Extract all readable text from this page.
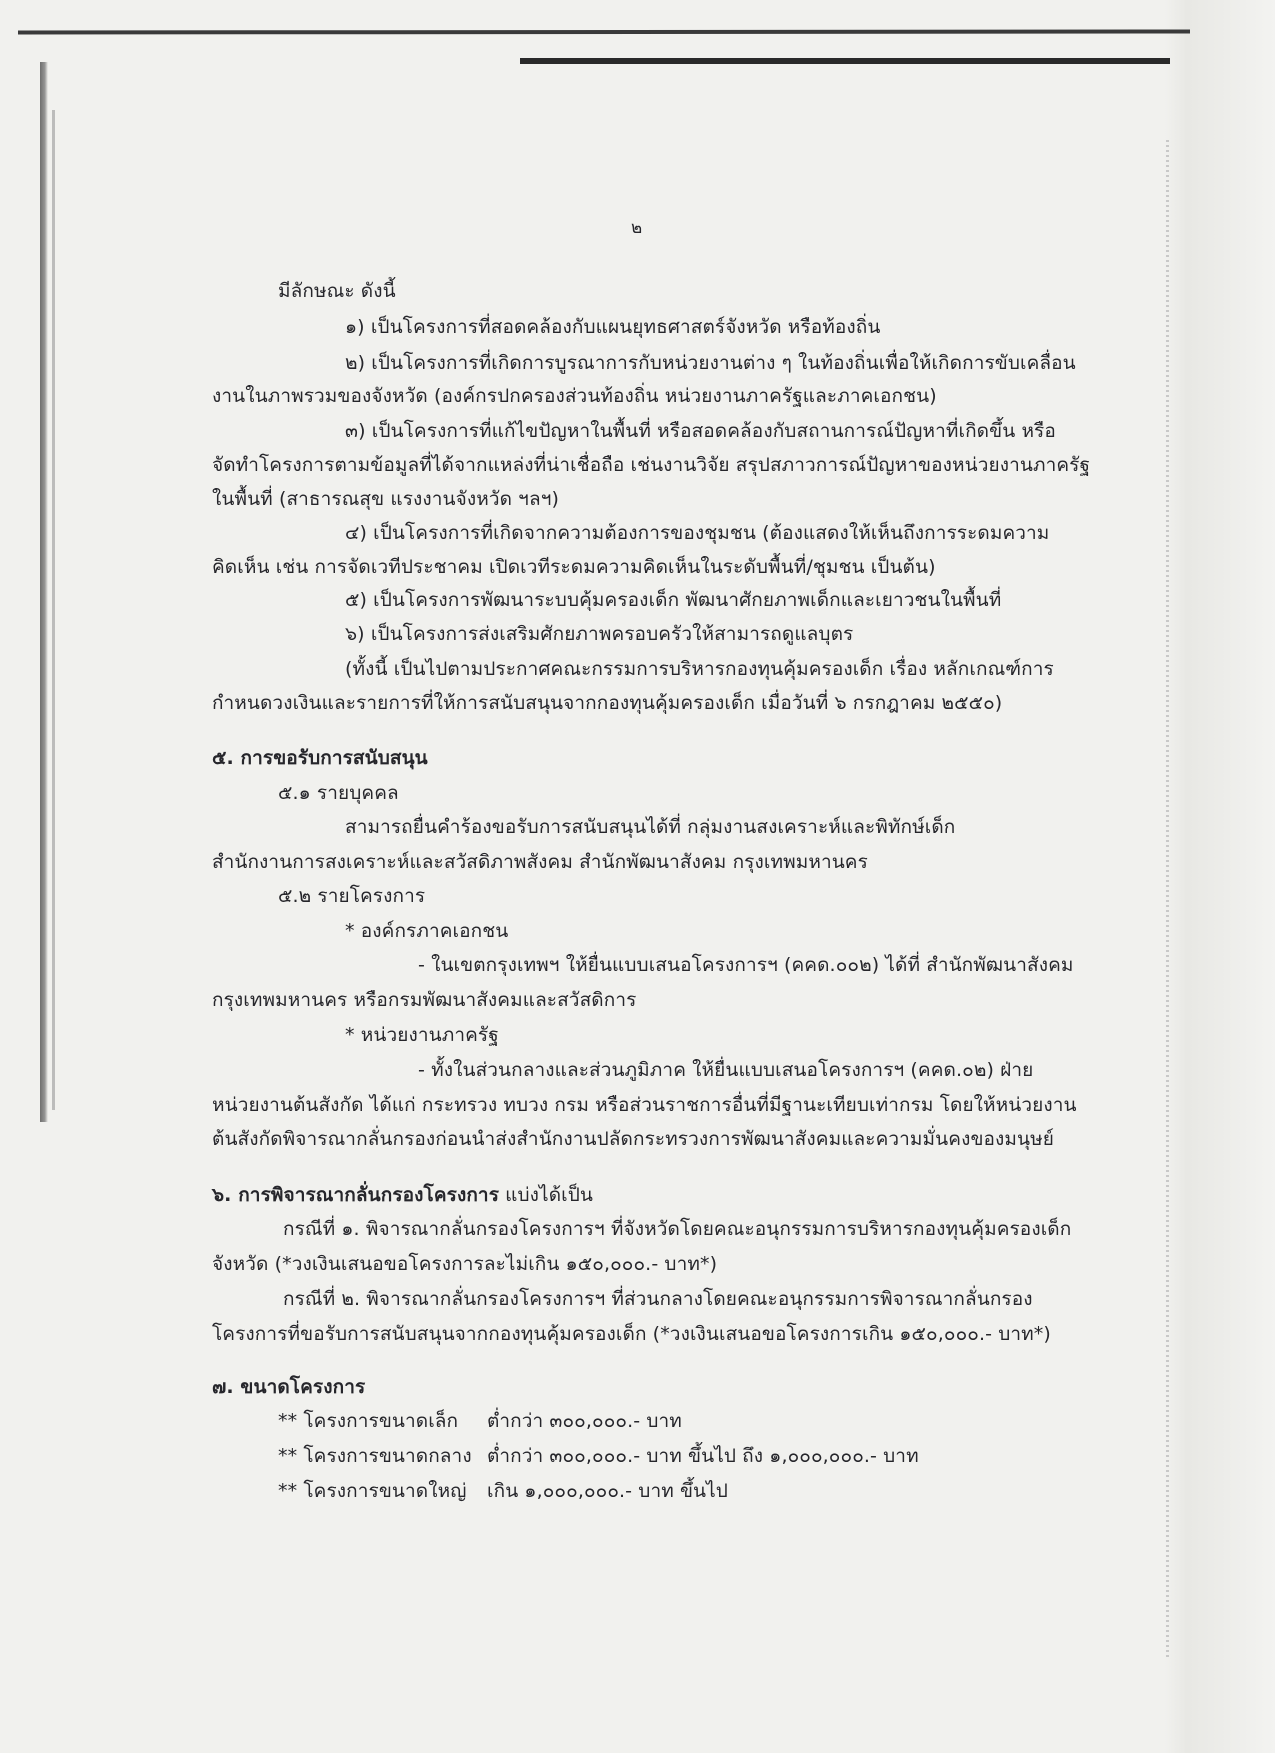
๒
มีลักษณะ ดังนี้
๑) เป็นโครงการที่สอดคล้องกับแผนยุทธศาสตร์จังหวัด หรือท้องถิ่น
๒) เป็นโครงการที่เกิดการบูรณาการกับหน่วยงานต่าง ๆ ในท้องถิ่นเพื่อให้เกิดการขับเคลื่อน
งานในภาพรวมของจังหวัด (องค์กรปกครองส่วนท้องถิ่น หน่วยงานภาครัฐและภาคเอกชน)
๓) เป็นโครงการที่แก้ไขปัญหาในพื้นที่ หรือสอดคล้องกับสถานการณ์ปัญหาที่เกิดขึ้น หรือ
จัดทำโครงการตามข้อมูลที่ได้จากแหล่งที่น่าเชื่อถือ เช่นงานวิจัย สรุปสภาวการณ์ปัญหาของหน่วยงานภาครัฐ
ในพื้นที่ (สาธารณสุข แรงงานจังหวัด ฯลฯ)
๔) เป็นโครงการที่เกิดจากความต้องการของชุมชน (ต้องแสดงให้เห็นถึงการระดมความ
คิดเห็น เช่น การจัดเวทีประชาคม เปิดเวทีระดมความคิดเห็นในระดับพื้นที่/ชุมชน เป็นต้น)
๕) เป็นโครงการพัฒนาระบบคุ้มครองเด็ก พัฒนาศักยภาพเด็กและเยาวชนในพื้นที่
๖) เป็นโครงการส่งเสริมศักยภาพครอบครัวให้สามารถดูแลบุตร
(ทั้งนี้ เป็นไปตามประกาศคณะกรรมการบริหารกองทุนคุ้มครองเด็ก เรื่อง หลักเกณฑ์การ
กำหนดวงเงินและรายการที่ให้การสนับสนุนจากกองทุนคุ้มครองเด็ก เมื่อวันที่ ๖ กรกฎาคม ๒๕๕๐)
๕. การขอรับการสนับสนุน
๕.๑ รายบุคคล
สามารถยื่นคำร้องขอรับการสนับสนุนได้ที่ กลุ่มงานสงเคราะห์และพิทักษ์เด็ก
สำนักงานการสงเคราะห์และสวัสดิภาพสังคม สำนักพัฒนาสังคม กรุงเทพมหานคร
๕.๒ รายโครงการ
* องค์กรภาคเอกชน
- ในเขตกรุงเทพฯ ให้ยื่นแบบเสนอโครงการฯ (คคด.๐๐๒) ได้ที่ สำนักพัฒนาสังคม
กรุงเทพมหานคร หรือกรมพัฒนาสังคมและสวัสดิการ
* หน่วยงานภาครัฐ
- ทั้งในส่วนกลางและส่วนภูมิภาค ให้ยื่นแบบเสนอโครงการฯ (คคด.๐๒) ฝ่าย
หน่วยงานต้นสังกัด ได้แก่ กระทรวง ทบวง กรม หรือส่วนราชการอื่นที่มีฐานะเทียบเท่ากรม โดยให้หน่วยงาน
ต้นสังกัดพิจารณากลั่นกรองก่อนนำส่งสำนักงานปลัดกระทรวงการพัฒนาสังคมและความมั่นคงของมนุษย์
๖. การพิจารณากลั่นกรองโครงการ แบ่งได้เป็น
กรณีที่ ๑. พิจารณากลั่นกรองโครงการฯ ที่จังหวัดโดยคณะอนุกรรมการบริหารกองทุนคุ้มครองเด็ก
จังหวัด (*วงเงินเสนอขอโครงการละไม่เกิน ๑๕๐,๐๐๐.- บาท*)
กรณีที่ ๒. พิจารณากลั่นกรองโครงการฯ ที่ส่วนกลางโดยคณะอนุกรรมการพิจารณากลั่นกรอง
โครงการที่ขอรับการสนับสนุนจากกองทุนคุ้มครองเด็ก (*วงเงินเสนอขอโครงการเกิน ๑๕๐,๐๐๐.- บาท*)
๗. ขนาดโครงการ
** โครงการขนาดเล็ก ต่ำกว่า ๓๐๐,๐๐๐.- บาท
** โครงการขนาดกลาง ต่ำกว่า ๓๐๐,๐๐๐.- บาท ขึ้นไป ถึง ๑,๐๐๐,๐๐๐.- บาท
** โครงการขนาดใหญ่ เกิน ๑,๐๐๐,๐๐๐.- บาท ขึ้นไป
